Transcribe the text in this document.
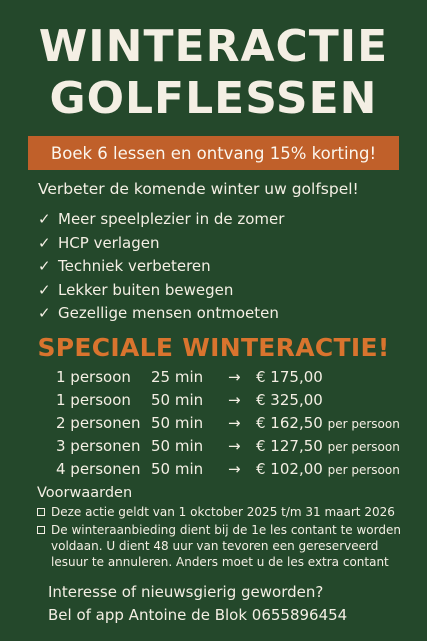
WINTERACTIE
GOLFLESSEN
Boek 6 lessen en ontvang 15% korting!
Verbeter de komende winter uw golfspel!
✓ Meer speelplezier in de zomer
✓ HCP verlagen
✓ Techniek verbeteren
✓ Lekker buiten bewegen
✓ Gezellige mensen ontmoeten
SPECIALE WINTERACTIE!
1 persoon 25 min → € 175,00
1 persoon 50 min → € 325,00
2 personen 50 min → € 162,50 per persoon
3 personen 50 min → € 127,50 per persoon
4 personen 50 min → € 102,00 per persoon
Voorwaarden
Deze actie geldt van 1 okctober 2025 t/m 31 maart 2026
De winteraanbieding dient bij de 1e les contant te worden voldaan. U dient 48 uur van tevoren een gereserveerd lesuur te annuleren. Anders moet u de les extra contant
Interesse of nieuwsgierig geworden?
Bel of app Antoine de Blok 0655896454
